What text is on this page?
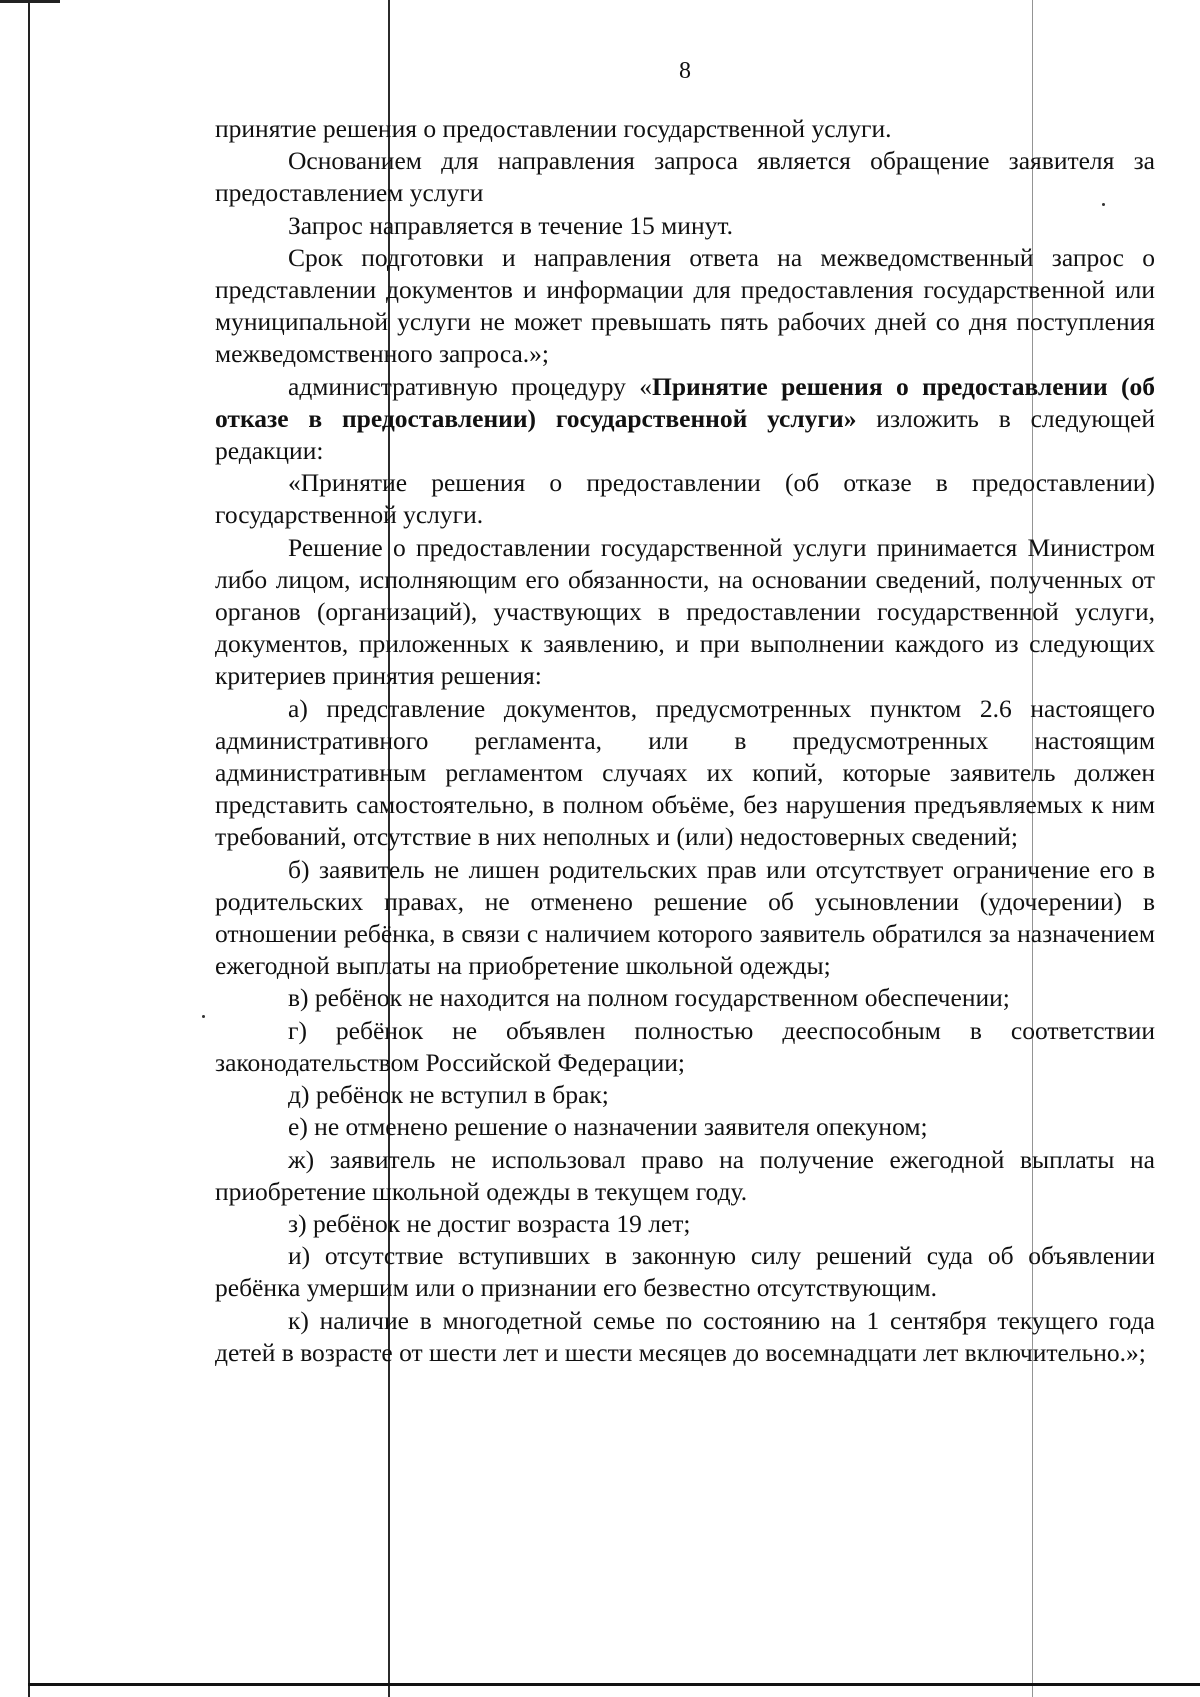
8

принятие решения о предоставлении государственной услуги.

Основанием для направления запроса является обращение заявителя за предоставлением услуги

Запрос направляется в течение 15 минут.

Срок подготовки и направления ответа на межведомственный запрос о представлении документов и информации для предоставления государственной или муниципальной услуги не может превышать пять рабочих дней со дня поступления межведомственного запроса.»;

административную процедуру «Принятие решения о предоставлении (об отказе в предоставлении) государственной услуги» изложить в следующей редакции:

«Принятие решения о предоставлении (об отказе в предоставлении) государственной услуги.

Решение о предоставлении государственной услуги принимается Министром либо лицом, исполняющим его обязанности, на основании сведений, полученных от органов (организаций), участвующих в предоставлении государственной услуги, документов, приложенных к заявлению, и при выполнении каждого из следующих критериев принятия решения:

а) представление документов, предусмотренных пунктом 2.6 настоящего административного регламента, или в предусмотренных настоящим административным регламентом случаях их копий, которые заявитель должен представить самостоятельно, в полном объёме, без нарушения предъявляемых к ним требований, отсутствие в них неполных и (или) недостоверных сведений;

б) заявитель не лишен родительских прав или отсутствует ограничение его в родительских правах, не отменено решение об усыновлении (удочерении) в отношении ребёнка, в связи с наличием которого заявитель обратился за назначением ежегодной выплаты на приобретение школьной одежды;

в) ребёнок не находится на полном государственном обеспечении;

г) ребёнок не объявлен полностью дееспособным в соответствии законодательством Российской Федерации;

д) ребёнок не вступил в брак;

е) не отменено решение о назначении заявителя опекуном;

ж) заявитель не использовал право на получение ежегодной выплаты на приобретение школьной одежды в текущем году.

з) ребёнок не достиг возраста 19 лет;

и) отсутствие вступивших в законную силу решений суда об объявлении ребёнка умершим или о признании его безвестно отсутствующим.

к) наличие в многодетной семье по состоянию на 1 сентября текущего года детей в возрасте от шести лет и шести месяцев до восемнадцати лет включительно.»;
